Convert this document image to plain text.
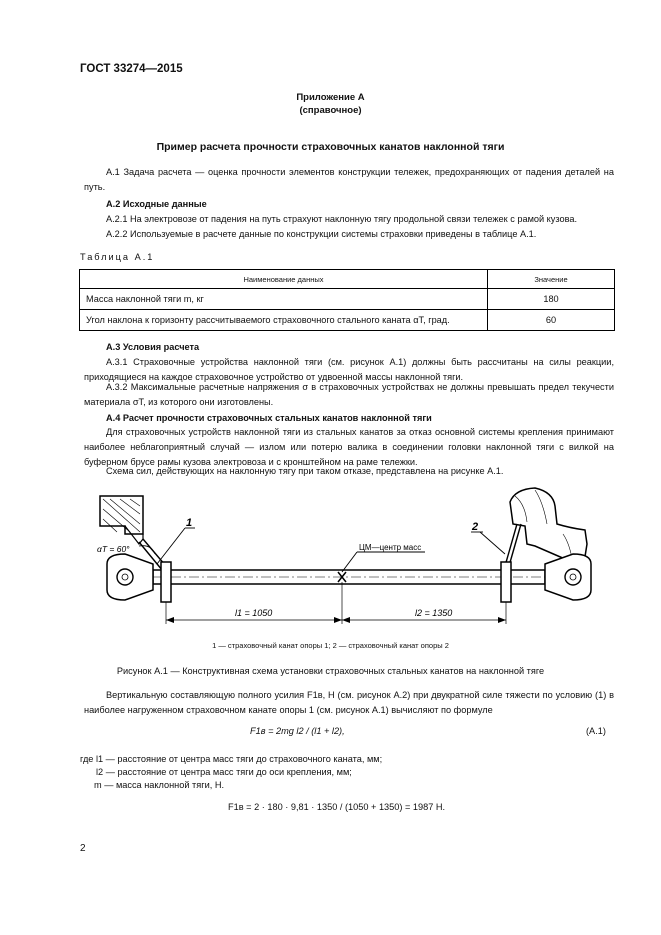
ГОСТ 33274—2015
Приложение А
(справочное)
Пример расчета прочности страховочных канатов наклонной тяги
А.1 Задача расчета — оценка прочности элементов конструкции тележек, предохраняющих от падения деталей на путь.
А.2 Исходные данные
А.2.1 На электровозе от падения на путь страхуют наклонную тягу продольной связи тележек с рамой кузова.
А.2.2 Используемые в расчете данные по конструкции системы страховки приведены в таблице А.1.
Таблица А.1
Наименование данных	Значение
Масса наклонной тяги m, кг	180
Угол наклона к горизонту рассчитываемого страховочного стального каната αT, град.	60
А.3 Условия расчета
А.3.1 Страховочные устройства наклонной тяги (см. рисунок А.1) должны быть рассчитаны на силы реакции, приходящиеся на каждое страховочное устройство от удвоенной массы наклонной тяги.
А.3.2 Максимальные расчетные напряжения σ в страховочных устройствах не должны превышать предел текучести материала σT, из которого они изготовлены.
А.4 Расчет прочности страховочных стальных канатов наклонной тяги
Для страховочных устройств наклонной тяги из стальных канатов за отказ основной системы крепления принимают наиболее неблагоприятный случай — излом или потерю валика в соединении головки наклонной тяги с вилкой на буферном брусе рамы кузова электровоза и с кронштейном на раме тележки.
Схема сил, действующих на наклонную тягу при таком отказе, представлена на рисунке А.1.
ЦМ—центр масс
1	2
αT = 60°
l1 = 1050	l2 = 1350
1 — страховочный канат опоры 1; 2 — страховочный канат опоры 2
Рисунок А.1 — Конструктивная схема установки страховочных стальных канатов на наклонной тяге
Вертикальную составляющую полного усилия F1в, Н (см. рисунок А.2) при двукратной силе тяжести по условию (1) в наиболее нагруженном страховочном канате опоры 1 (см. рисунок А.1) вычисляют по формуле
F1в = 2mg l2 / (l1 + l2),	(А.1)
где l1 — расстояние от центра масс тяги до страховочного каната, мм;
l2 — расстояние от центра масс тяги до оси крепления, мм;
m — масса наклонной тяги, Н.
F1в = 2 · 180 · 9,81 · 1350 / (1050 + 1350) = 1987 Н.
2
